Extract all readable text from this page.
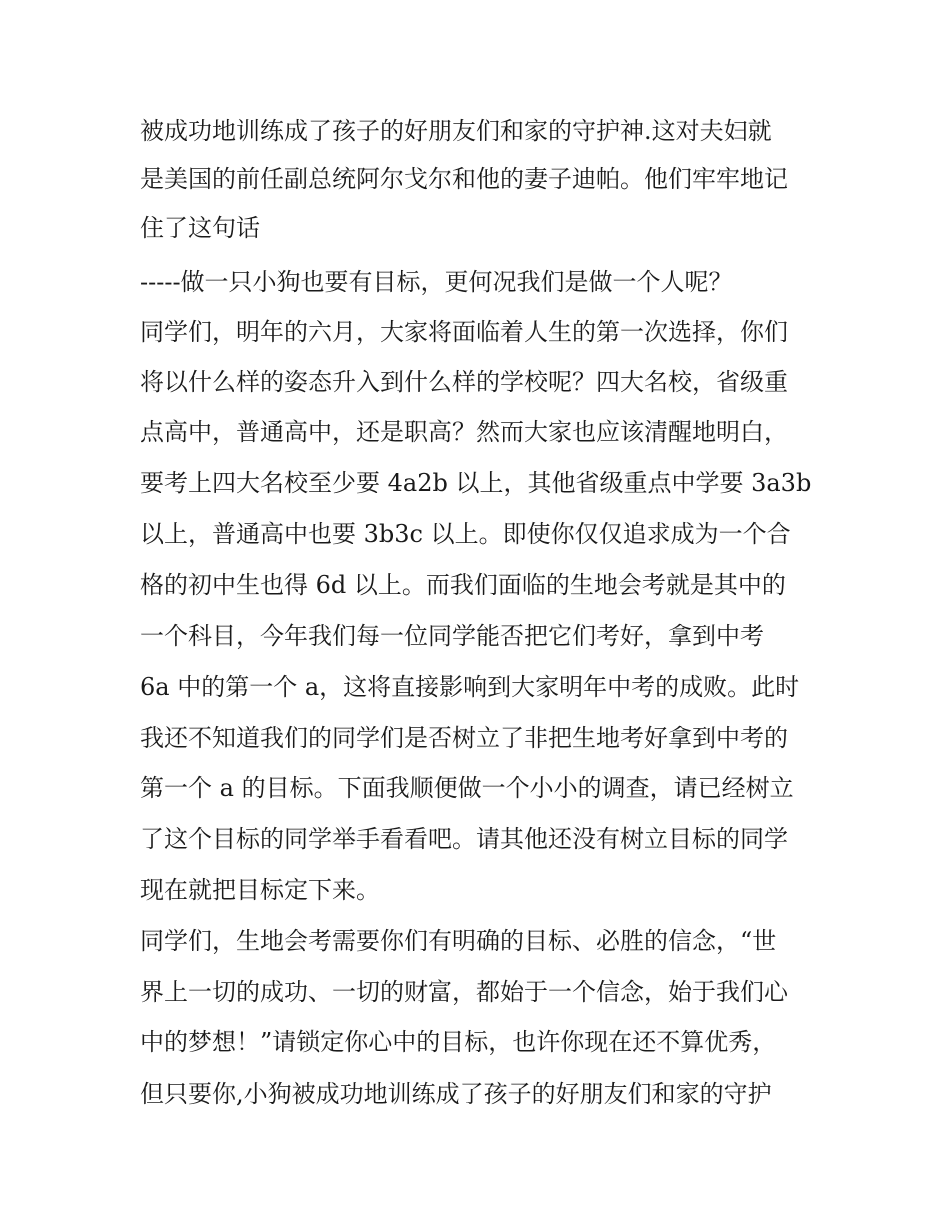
被成功地训练成了孩子的好朋友们和家的守护神.这对夫妇就
是美国的前任副总统阿尔戈尔和他的妻子迪帕。他们牢牢地记
住了这句话
-----做一只小狗也要有目标，更何况我们是做一个人呢？
同学们，明年的六月，大家将面临着人生的第一次选择，你们
将以什么样的姿态升入到什么样的学校呢？四大名校，省级重
点高中，普通高中，还是职高？然而大家也应该清醒地明白，
要考上四大名校至少要 4a2b 以上，其他省级重点中学要 3a3b
以上，普通高中也要 3b3c 以上。即使你仅仅追求成为一个合
格的初中生也得 6d 以上。而我们面临的生地会考就是其中的
一个科目，今年我们每一位同学能否把它们考好，拿到中考
6a 中的第一个 a，这将直接影响到大家明年中考的成败。此时
我还不知道我们的同学们是否树立了非把生地考好拿到中考的
第一个 a 的目标。下面我顺便做一个小小的调查，请已经树立
了这个目标的同学举手看看吧。请其他还没有树立目标的同学
现在就把目标定下来。
同学们，生地会考需要你们有明确的目标、必胜的信念，“世
界上一切的成功、一切的财富，都始于一个信念，始于我们心
中的梦想！”请锁定你心中的目标，也许你现在还不算优秀，
但只要你,小狗被成功地训练成了孩子的好朋友们和家的守护
